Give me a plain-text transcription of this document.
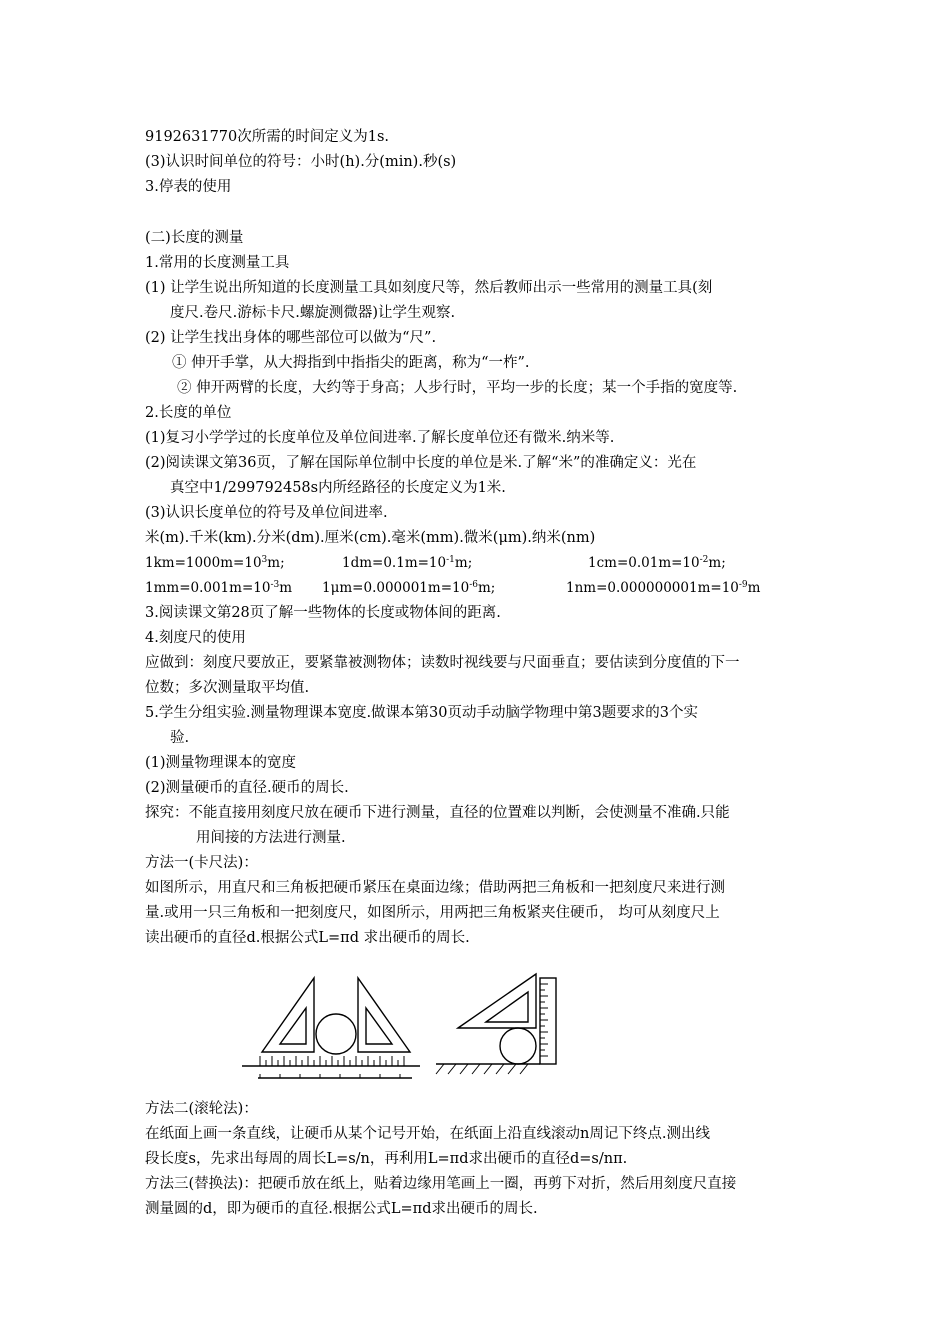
9192631770次所需的时间定义为1s.
(3)认识时间单位的符号：小时(h).分(min).秒(s)
3.停表的使用
(二)长度的测量
1.常用的长度测量工具
(1) 让学生说出所知道的长度测量工具如刻度尺等，然后教师出示一些常用的测量工具(刻
度尺.卷尺.游标卡尺.螺旋测微器)让学生观察.
(2) 让学生找出身体的哪些部位可以做为“尺”.
① 伸开手掌，从大拇指到中指指尖的距离，称为“一柞”.
② 伸开两臂的长度，大约等于身高；人步行时，平均一步的长度；某一个手指的宽度等.
2.长度的单位
(1)复习小学学过的长度单位及单位间进率.了解长度单位还有微米.纳米等.
(2)阅读课文第36页，了解在国际单位制中长度的单位是米.了解“米”的准确定义：光在
真空中1/299792458s内所经路径的长度定义为1米.
(3)认识长度单位的符号及单位间进率.
米(m).千米(km).分米(dm).厘米(cm).毫米(mm).微米(μm).纳米(nm)
$1km=1000m=10^3m$;	$1dm=0.1m=10^{-1}m$;	$1cm=0.01m=10^{-2}m$;
$1mm=0.001m=10^{-3}m$ $1\mu m=0.000001m=10^{-6}m$;	$1nm=0.000000001m=10^{-9}m$
3.阅读课文第28页了解一些物体的长度或物体间的距离.
4.刻度尺的使用
应做到：刻度尺要放正，要紧靠被测物体；读数时视线要与尺面垂直；要估读到分度值的下一
位数；多次测量取平均值.
5.学生分组实验.测量物理课本宽度.做课本第30页动手动脑学物理中第3题要求的3个实
验.
(1)测量物理课本的宽度
(2)测量硬币的直径.硬币的周长.
探究：不能直接用刻度尺放在硬币下进行测量，直径的位置难以判断，会使测量不准确.只能
用间接的方法进行测量.
方法一(卡尺法)：
如图所示，用直尺和三角板把硬币紧压在桌面边缘；借助两把三角板和一把刻度尺来进行测
量.或用一只三角板和一把刻度尺，如图所示，用两把三角板紧夹住硬币， 均可从刻度尺上
读出硬币的直径d.根据公式L=πd 求出硬币的周长.
方法二(滚轮法)：
在纸面上画一条直线，让硬币从某个记号开始，在纸面上沿直线滚动n周记下终点.测出线
段长度s，先求出每周的周长L=s/n，再利用L=πd求出硬币的直径d=s/nπ.
方法三(替换法)：把硬币放在纸上，贴着边缘用笔画上一圈，再剪下对折，然后用刻度尺直接
测量圆的d，即为硬币的直径.根据公式L=πd求出硬币的周长.
